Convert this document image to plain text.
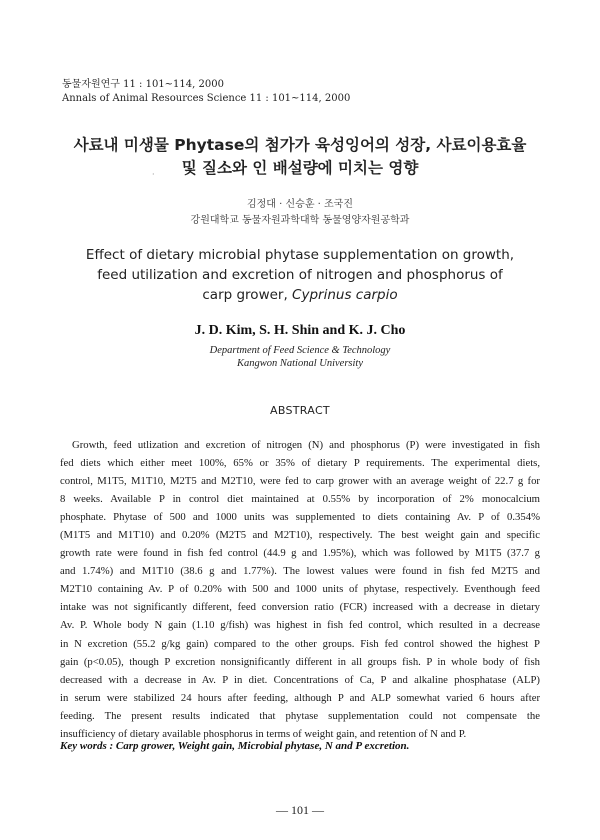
동물자원연구 11 : 101~114, 2000
Annals of Animal Resources Science 11 : 101~114, 2000
사료내 미생물 Phytase의 첨가가 육성잉어의 성장, 사료이용효율
및 질소와 인 배설량에 미치는 영향
·
김정대 · 신승훈 · 조국진
강원대학교 동물자원과학대학 동물영양자원공학과
Effect of dietary microbial phytase supplementation on growth,
feed utilization and excretion of nitrogen and phosphorus of
carp grower, Cyprinus carpio
J. D. Kim, S. H. Shin and K. J. Cho
Department of Feed Science & Technology
Kangwon National University
ABSTRACT
Growth, feed utlization and excretion of nitrogen (N) and phosphorus (P) were investigated in fish
fed diets which either meet 100%, 65% or 35% of dietary P requirements. The experimental diets,
control, M1T5, M1T10, M2T5 and M2T10, were fed to carp grower with an average weight of 22.7 g for
8 weeks. Available P in control diet maintained at 0.55% by incorporation of 2% monocalcium
phosphate. Phytase of 500 and 1000 units was supplemented to diets containing Av. P of 0.354%
(M1T5 and M1T10) and 0.20% (M2T5 and M2T10), respectively. The best weight gain and specific
growth rate were found in fish fed control (44.9 g and 1.95%), which was followed by M1T5 (37.7 g
and 1.74%) and M1T10 (38.6 g and 1.77%). The lowest values were found in fish fed M2T5 and
M2T10 containing Av. P of 0.20% with 500 and 1000 units of phytase, respectively. Eventhough feed
intake was not significantly different, feed conversion ratio (FCR) increased with a decrease in dietary
Av. P. Whole body N gain (1.10 g/fish) was highest in fish fed control, which resulted in a decrease
in N excretion (55.2 g/kg gain) compared to the other groups. Fish fed control showed the highest P
gain (p<0.05), though P excretion nonsignificantly different in all groups fish. P in whole body of fish
decreased with a decrease in Av. P in diet. Concentrations of Ca, P and alkaline phosphatase (ALP)
in serum were stabilized 24 hours after feeding, although P and ALP somewhat varied 6 hours after
feeding. The present results indicated that phytase supplementation could not compensate the
insufficiency of dietary available phosphorus in terms of weight gain, and retention of N and P.
Key words : Carp grower, Weight gain, Microbial phytase, N and P excretion.
— 101 —
